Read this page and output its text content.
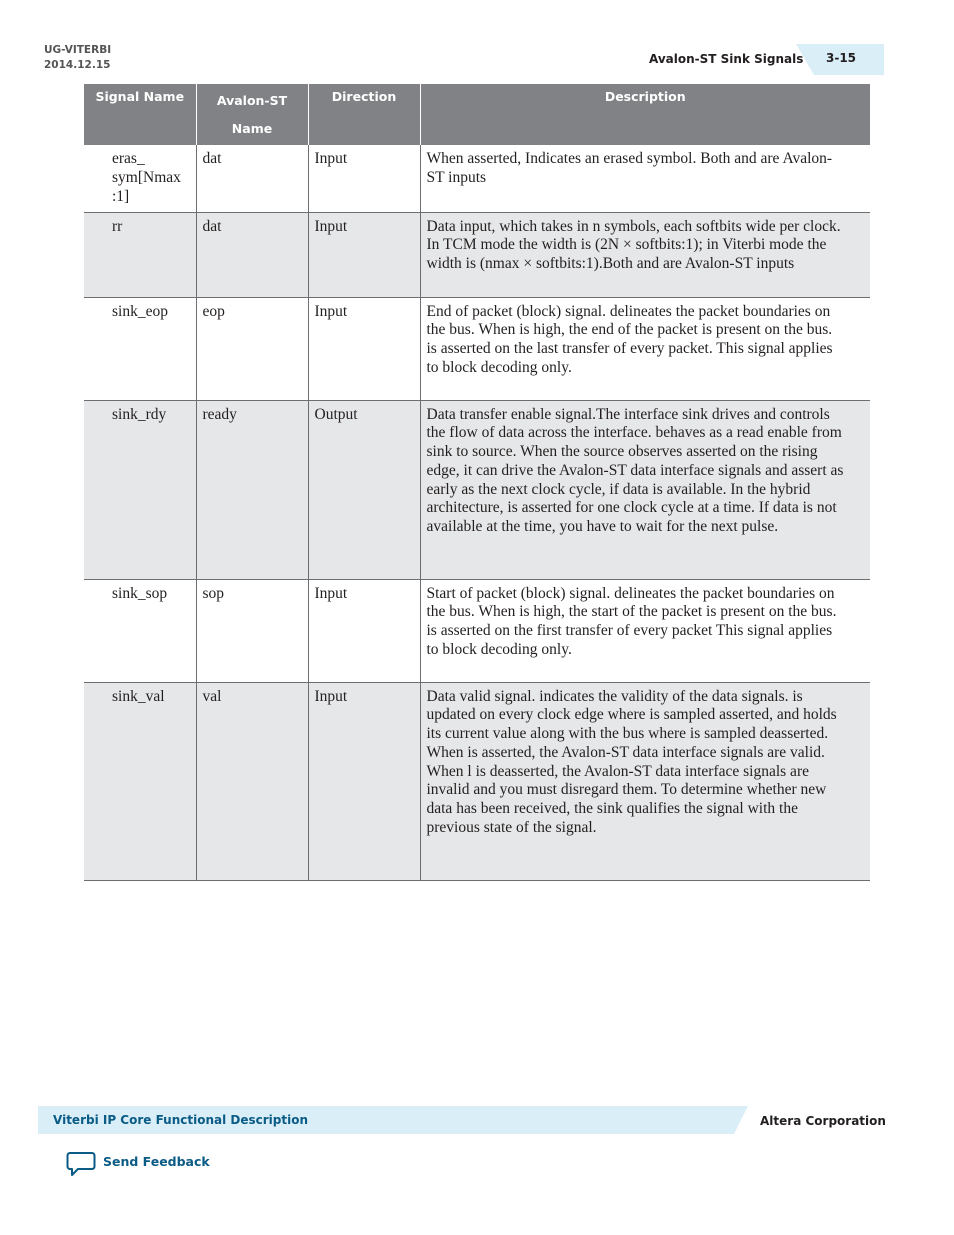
UG-VITERBI
2014.12.15	Avalon-ST Sink Signals 3-15
Signal Name	Avalon-ST Name	Direction	Description
eras_ sym[Nmax :1]	dat	Input	When asserted, Indicates an erased symbol. Both and are Avalon-ST inputs
rr	dat	Input	Data input, which takes in n symbols, each softbits wide per clock. In TCM mode the width is (2N × softbits:1); in Viterbi mode the width is (nmax × softbits:1).Both and are Avalon-ST inputs
sink_eop	eop	Input	End of packet (block) signal. delineates the packet boundaries on the bus. When is high, the end of the packet is present on the bus. is asserted on the last transfer of every packet. This signal applies to block decoding only.
sink_rdy	ready	Output	Data transfer enable signal.The interface sink drives and controls the flow of data across the interface. behaves as a read enable from sink to source. When the source observes asserted on the rising edge, it can drive the Avalon-ST data interface signals and assert as early as the next clock cycle, if data is available. In the hybrid architecture, is asserted for one clock cycle at a time. If data is not available at the time, you have to wait for the next pulse.
sink_sop	sop	Input	Start of packet (block) signal. delineates the packet boundaries on the bus. When is high, the start of the packet is present on the bus. is asserted on the first transfer of every packet This signal applies to block decoding only.
sink_val	val	Input	Data valid signal. indicates the validity of the data signals. is updated on every clock edge where is sampled asserted, and holds its current value along with the bus where is sampled deasserted. When is asserted, the Avalon-ST data interface signals are valid. When l is deasserted, the Avalon-ST data interface signals are invalid and you must disregard them. To determine whether new data has been received, the sink qualifies the signal with the previous state of the signal.
Viterbi IP Core Functional Description	Altera Corporation
Send Feedback
